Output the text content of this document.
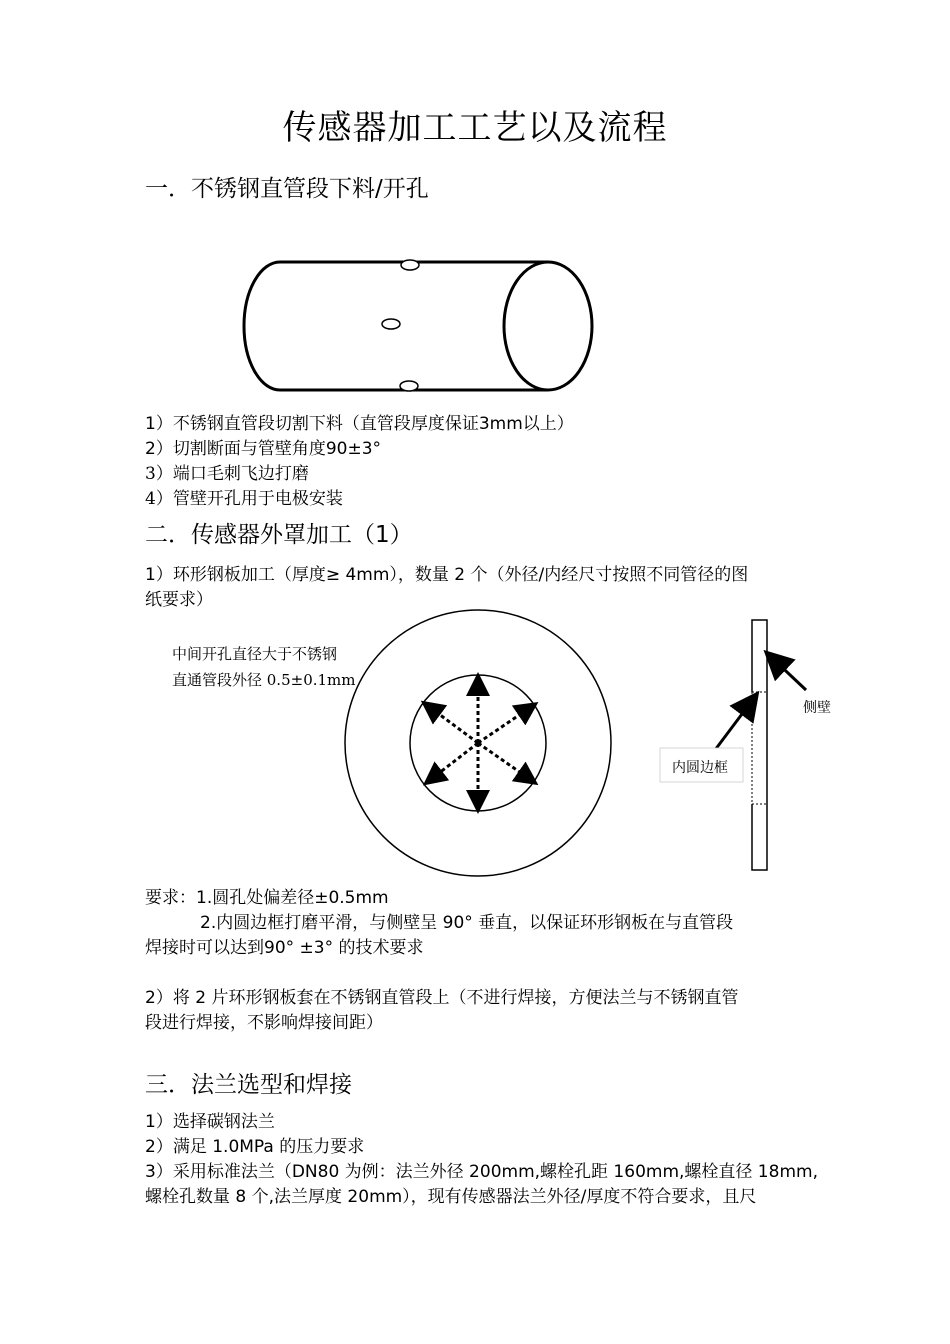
传感器加工工艺以及流程
一．不锈钢直管段下料/开孔
1）不锈钢直管段切割下料（直管段厚度保证3mm以上）
2）切割断面与管壁角度90±3°
3）端口毛刺飞边打磨
4）管壁开孔用于电极安装
二．传感器外罩加工（1）
1）环形钢板加工（厚度≥ 4mm），数量 2 个（外径/内经尺寸按照不同管径的图
纸要求）
中间开孔直径大于不锈钢
直通管段外径 0.5±0.1mm
侧壁
内圆边框
要求：1.圆孔处偏差径±0.5mm
2.内圆边框打磨平滑，与侧壁呈 90° 垂直，以保证环形钢板在与直管段
焊接时可以达到90° ±3° 的技术要求
2）将 2 片环形钢板套在不锈钢直管段上（不进行焊接，方便法兰与不锈钢直管
段进行焊接，不影响焊接间距）
三．法兰选型和焊接
1）选择碳钢法兰
2）满足 1.0MPa 的压力要求
3）采用标准法兰（DN80 为例：法兰外径 200mm,螺栓孔距 160mm,螺栓直径 18mm,
螺栓孔数量 8 个,法兰厚度 20mm），现有传感器法兰外径/厚度不符合要求，且尺
